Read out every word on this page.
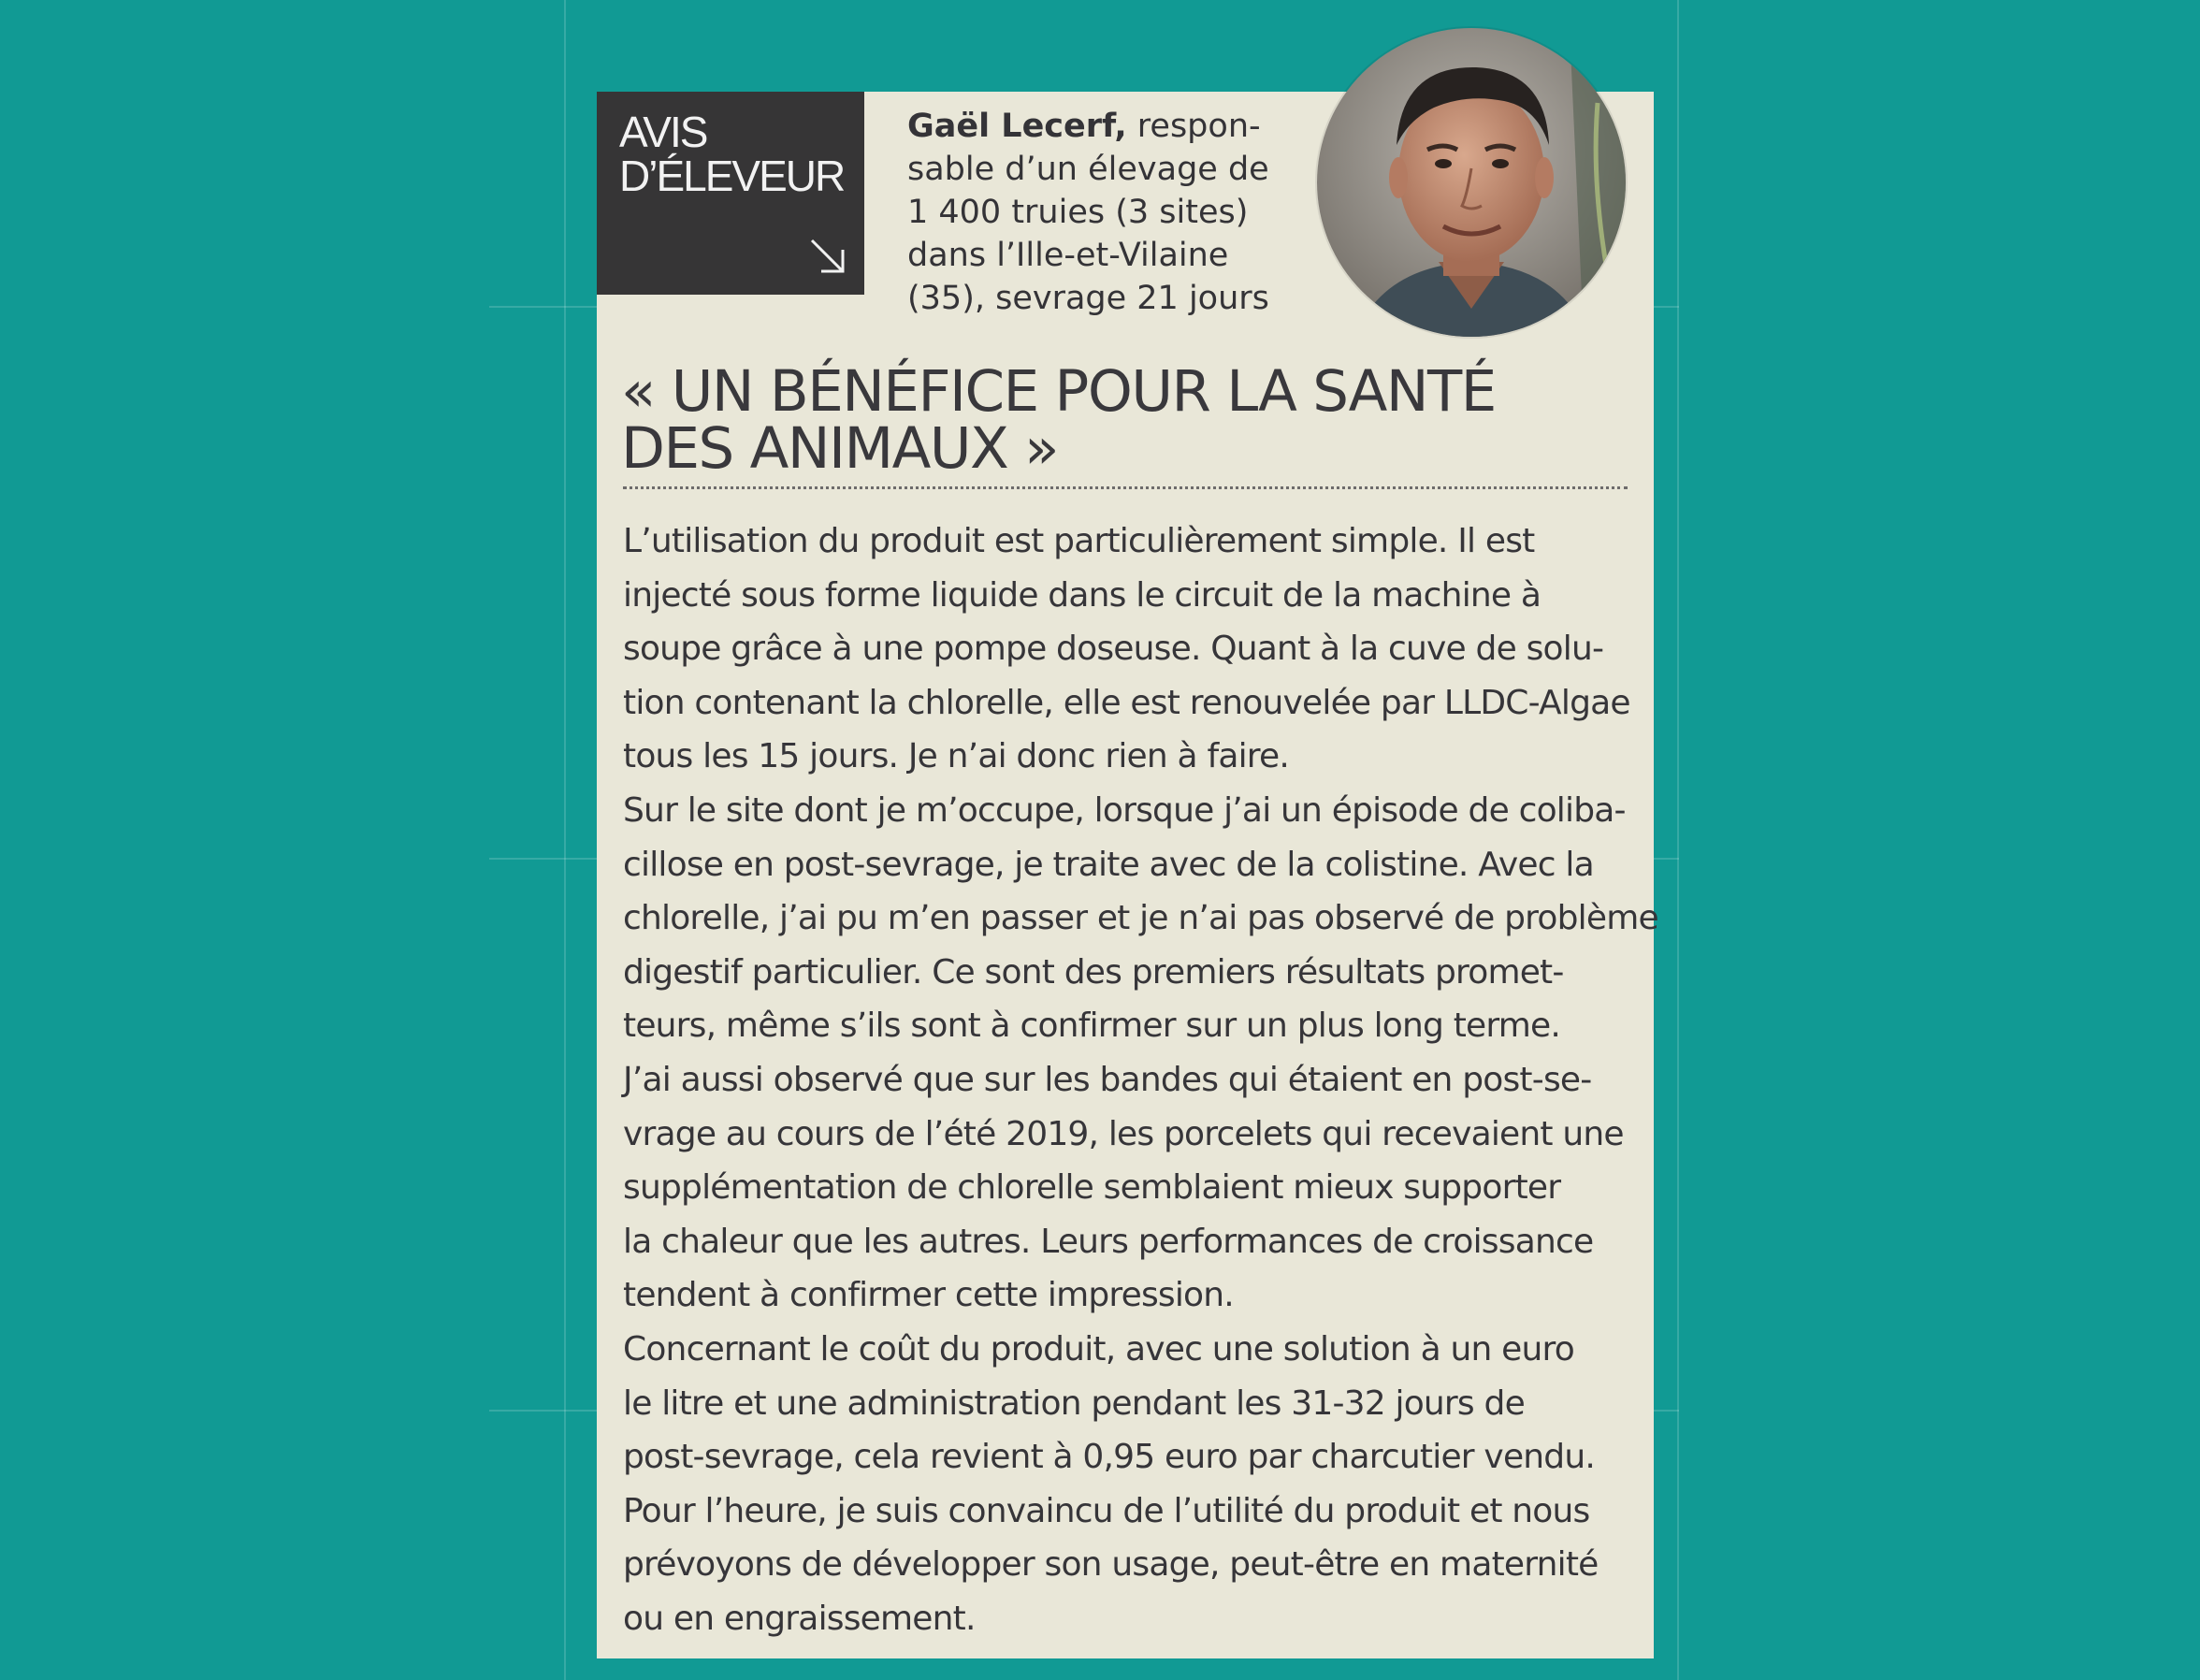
AVIS
D’ÉLEVEUR
Gaël Lecerf, respon-
sable d’un élevage de
1 400 truies (3 sites)
dans l’Ille-et-Vilaine
(35), sevrage 21 jours
« UN BÉNÉFICE POUR LA SANTÉ
DES ANIMAUX »
L’utilisation du produit est particulièrement simple. Il est
injecté sous forme liquide dans le circuit de la machine à
soupe grâce à une pompe doseuse. Quant à la cuve de solu-
tion contenant la chlorelle, elle est renouvelée par LLDC-Algae
tous les 15 jours. Je n’ai donc rien à faire.
Sur le site dont je m’occupe, lorsque j’ai un épisode de coliba-
cillose en post-sevrage, je traite avec de la colistine. Avec la
chlorelle, j’ai pu m’en passer et je n’ai pas observé de problème
digestif particulier. Ce sont des premiers résultats promet-
teurs, même s’ils sont à confirmer sur un plus long terme.
J’ai aussi observé que sur les bandes qui étaient en post-se-
vrage au cours de l’été 2019, les porcelets qui recevaient une
supplémentation de chlorelle semblaient mieux supporter
la chaleur que les autres. Leurs performances de croissance
tendent à confirmer cette impression.
Concernant le coût du produit, avec une solution à un euro
le litre et une administration pendant les 31-32 jours de
post-sevrage, cela revient à 0,95 euro par charcutier vendu.
Pour l’heure, je suis convaincu de l’utilité du produit et nous
prévoyons de développer son usage, peut-être en maternité
ou en engraissement.
